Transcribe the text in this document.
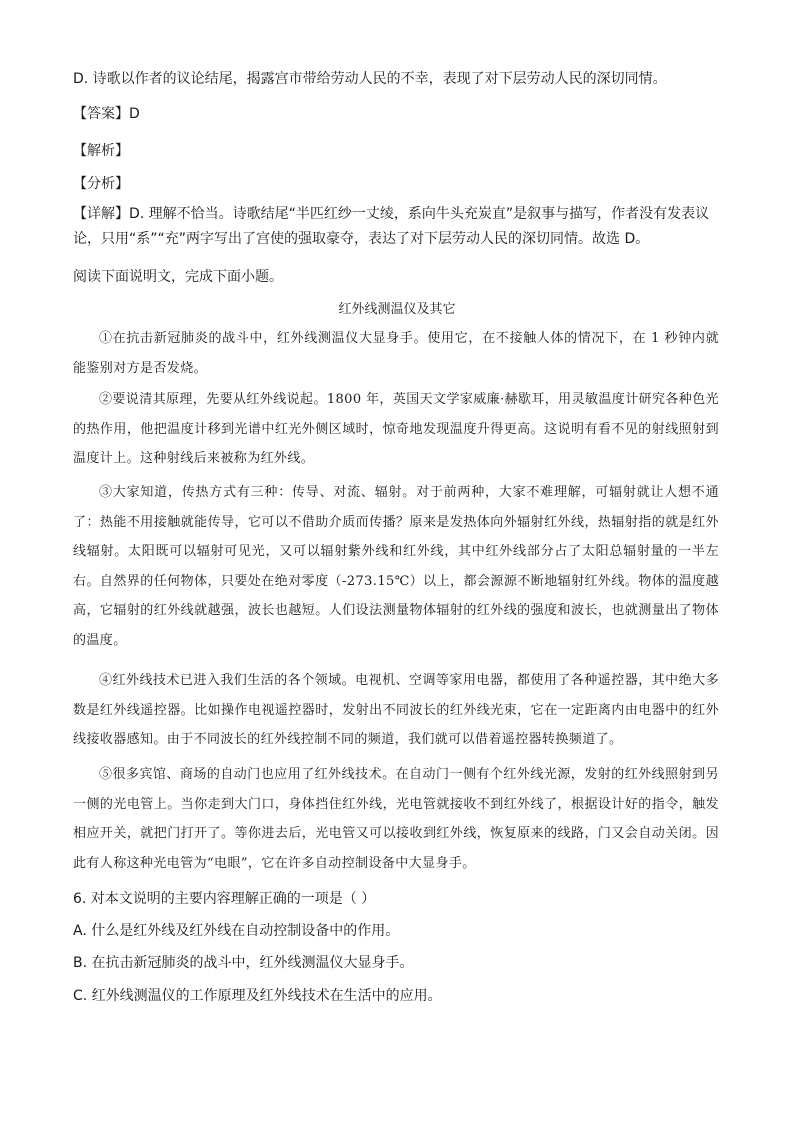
D. 诗歌以作者的议论结尾，揭露宫市带给劳动人民的不幸，表现了对下层劳动人民的深切同情。
【答案】D
【解析】
【分析】
【详解】D. 理解不恰当。诗歌结尾“半匹红纱一丈绫，系向牛头充炭直”是叙事与描写，作者没有发表议论，只用“系”“充”两字写出了宫使的强取豪夺，表达了对下层劳动人民的深切同情。故选 D。
阅读下面说明文，完成下面小题。
红外线测温仪及其它
①在抗击新冠肺炎的战斗中，红外线测温仪大显身手。使用它，在不接触人体的情况下，在 1 秒钟内就能鉴别对方是否发烧。
②要说清其原理，先要从红外线说起。1800 年，英国天文学家威廉·赫歇耳，用灵敏温度计研究各种色光的热作用，他把温度计移到光谱中红光外侧区域时，惊奇地发现温度升得更高。这说明有看不见的射线照射到温度计上。这种射线后来被称为红外线。
③大家知道，传热方式有三种：传导、对流、辐射。对于前两种，大家不难理解，可辐射就让人想不通了：热能不用接触就能传导，它可以不借助介质而传播？原来是发热体向外辐射红外线，热辐射指的就是红外线辐射。太阳既可以辐射可见光，又可以辐射紫外线和红外线，其中红外线部分占了太阳总辐射量的一半左右。自然界的任何物体，只要处在绝对零度（-273.15℃）以上，都会源源不断地辐射红外线。物体的温度越高，它辐射的红外线就越强，波长也越短。人们设法测量物体辐射的红外线的强度和波长，也就测量出了物体的温度。
④红外线技术已进入我们生活的各个领域。电视机、空调等家用电器，都使用了各种遥控器，其中绝大多数是红外线遥控器。比如操作电视遥控器时，发射出不同波长的红外线光束，它在一定距离内由电器中的红外线接收器感知。由于不同波长的红外线控制不同的频道，我们就可以借着遥控器转换频道了。
⑤很多宾馆、商场的自动门也应用了红外线技术。在自动门一侧有个红外线光源，发射的红外线照射到另一侧的光电管上。当你走到大门口，身体挡住红外线，光电管就接收不到红外线了，根据设计好的指令，触发相应开关，就把门打开了。等你进去后，光电管又可以接收到红外线，恢复原来的线路，门又会自动关闭。因此有人称这种光电管为“电眼”，它在许多自动控制设备中大显身手。
6. 对本文说明的主要内容理解正确的一项是（ ）
A. 什么是红外线及红外线在自动控制设备中的作用。
B. 在抗击新冠肺炎的战斗中，红外线测温仪大显身手。
C. 红外线测温仪的工作原理及红外线技术在生活中的应用。
